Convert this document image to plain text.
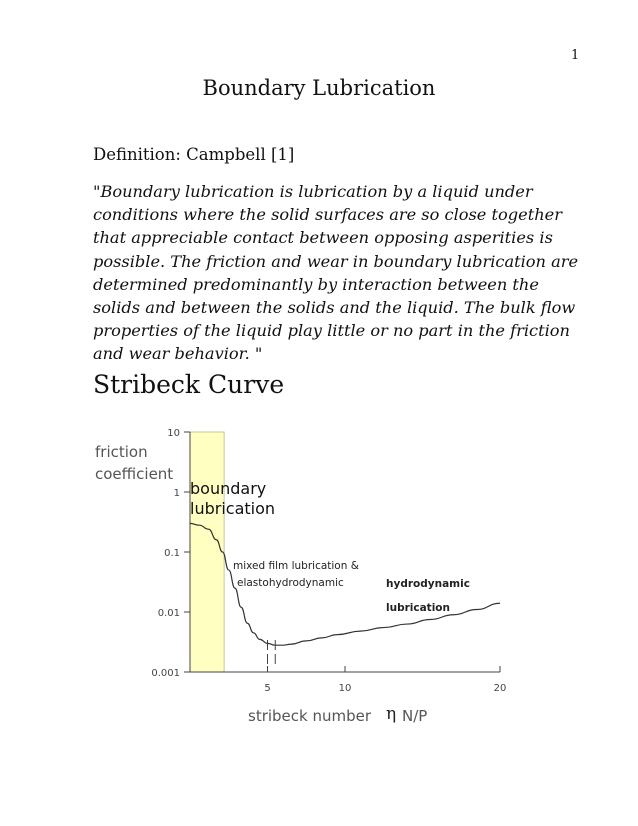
1
Boundary Lubrication
Definition: Campbell [1]
"Boundary lubrication is lubrication by a liquid under conditions where the solid surfaces are so close together that appreciable contact between opposing asperities is possible. The friction and wear in boundary lubrication are determined predominantly by interaction between the solids and between the solids and the liquid. The bulk flow properties of the liquid play little or no part in the friction and wear behavior. "
Stribeck Curve
friction
coefficient
10
1
0.1
0.01
0.001
5	10	20
boundary
lubrication
mixed film lubrication &
elastohydrodynamic	hydrodynamic
lubrication
stribeck number η N/P
